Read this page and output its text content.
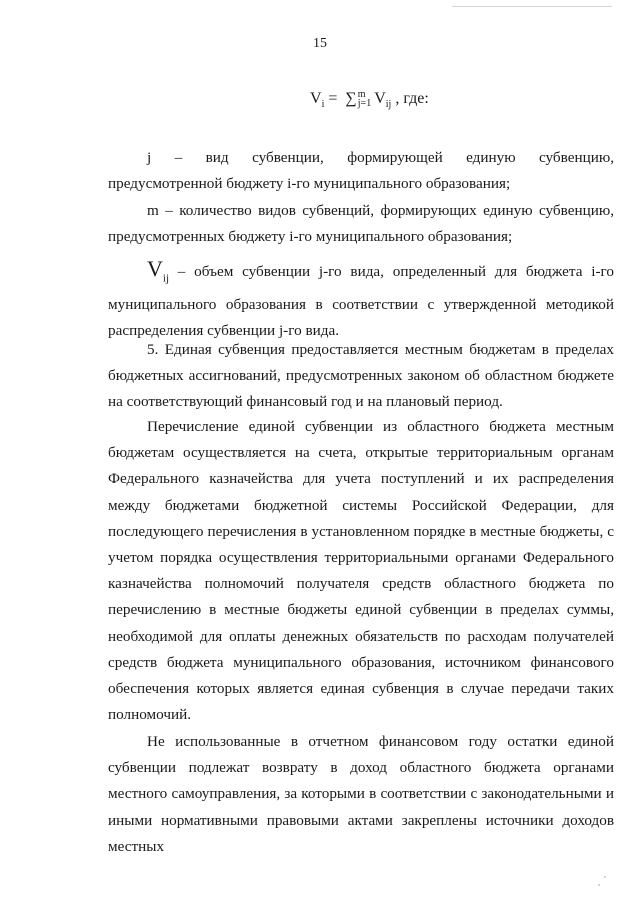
15
$V_i$ = ∑ m
j=1 $V_{ij}$ , где:

j – вид субвенции, формирующей единую субвенцию, предусмотренной бюджету i-го муниципального образования;

m – количество видов субвенций, формирующих единую субвенцию, предусмотренных бюджету i-го муниципального образования;

$V_{ij}$ – объем субвенции j-го вида, определенный для бюджета i-го муниципального образования в соответствии с утвержденной методикой распределения субвенции j-го вида.

5. Единая субвенция предоставляется местным бюджетам в пределах бюджетных ассигнований, предусмотренных законом об областном бюджете на соответствующий финансовый год и на плановый период.

Перечисление единой субвенции из областного бюджета местным бюджетам осуществляется на счета, открытые территориальным органам Федерального казначейства для учета поступлений и их распределения между бюджетами бюджетной системы Российской Федерации, для последующего перечисления в установленном порядке в местные бюджеты, с учетом порядка осуществления территориальными органами Федерального казначейства полномочий получателя средств областного бюджета по перечислению в местные бюджеты единой субвенции в пределах суммы, необходимой для оплаты денежных обязательств по расходам получателей средств бюджета муниципального образования, источником финансового обеспечения которых является единая субвенция в случае передачи таких полномочий.

Не использованные в отчетном финансовом году остатки единой субвенции подлежат возврату в доход областного бюджета органами местного самоуправления, за которыми в соответствии с законодательными и иными нормативными правовыми актами закреплены источники доходов местных
